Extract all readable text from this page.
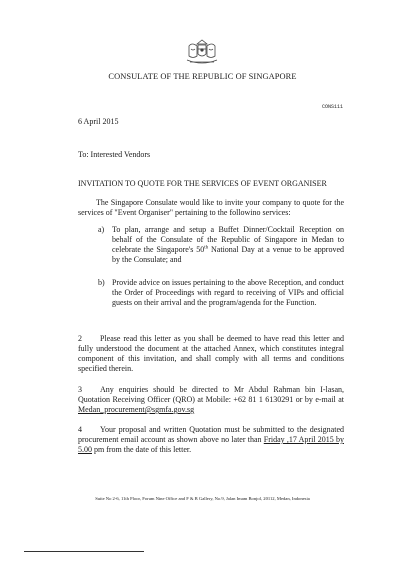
CONSULATE OF THE REPUBLIC OF SINGAPORE
CONS111
6 April 2015
To: Interested Vendors
INVITATION TO QUOTE FOR THE SERVICES OF EVENT ORGANISER
The Singapore Consulate would like to invite your company to quote for the services of "Event Organiser" pertaining to the followino services:
a) To plan, arrange and setup a Buffet Dinner/Cocktail Reception on behalf of the Consulate of the Republic of Singapore in Medan to celebrate the Singapore's 50th National Day at a venue to be approved by the Consulate; and
b) Provide advice on issues pertaining to the above Reception, and conduct the Order of Proceedings with regard to receiving of VIPs and official guests on their arrival and the program/agenda for the Function.
2 Please read this letter as you shall be deemed to have read this letter and fully understood the document at the attached Annex, which constitutes integral component of this invitation, and shall comply with all terms and conditions specified therein.
3 Any enquiries should be directed to Mr Abdul Rahman bin I-lasan, Quotation Receiving Officer (QRO) at Mobile: +62 81 1 6130291 or by e-mail at Medan_procurement@sgmfa.gov.sg
4 Your proposal and written Quotation must be submitted to the designated procurement email account as shown above no later than Friday ,17 April 2015 by 5.00 pm from the date of this letter.
Suite No 2-6, 11th Floor, Forum Nine Office and F & B Gallery, No.9, Jalan Imam Bonjol, 20112, Medan, Indonesia
